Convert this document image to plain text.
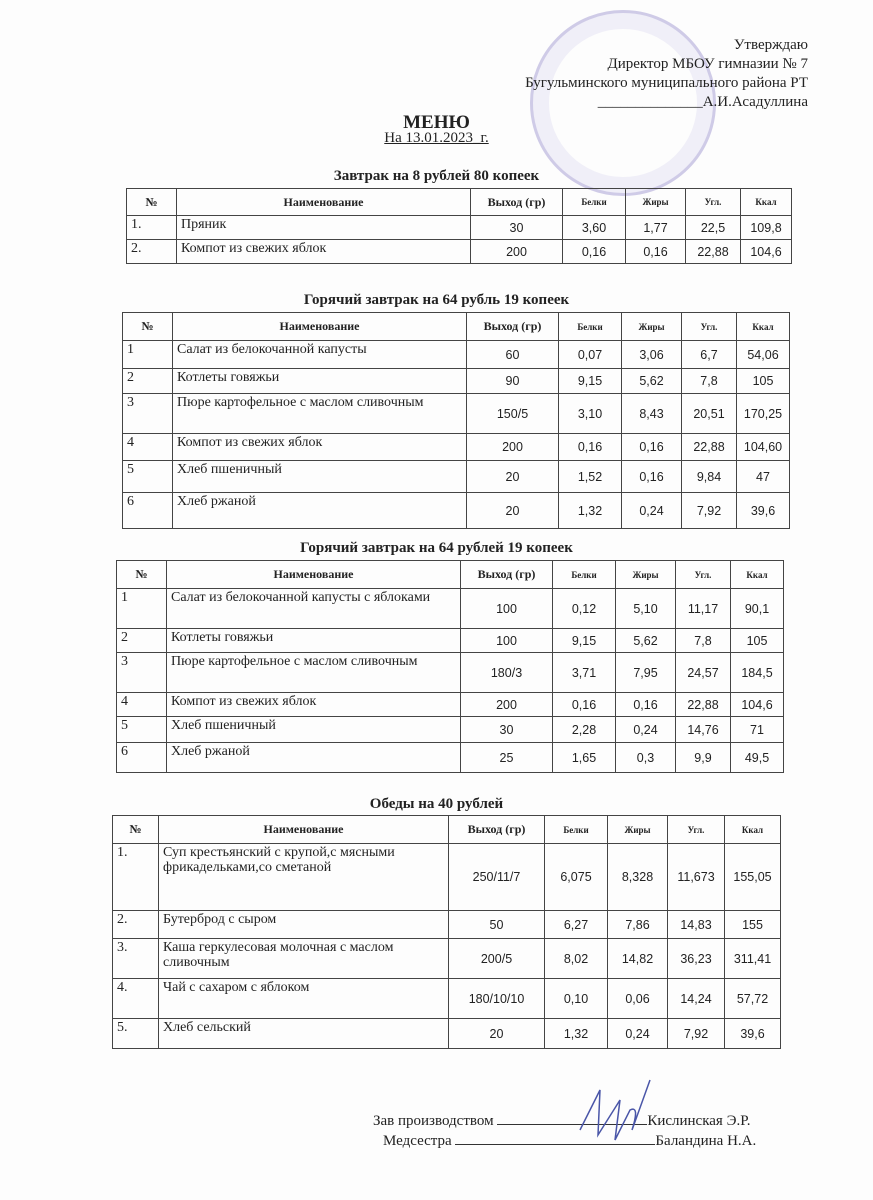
Утверждаю
Директор МБОУ гимназии № 7
Бугульминского муниципального района РТ
______________А.И.Асадуллина
МЕНЮ
На 13.01.2023_г.
Завтрак на 8 рублей 80 копеек
№	Наименование	Выход (гр)	Белки	Жиры	Угл.	Ккал
1.	Пряник	30	3,60	1,77	22,5	109,8
2.	Компот из свежих яблок	200	0,16	0,16	22,88	104,6
Горячий завтрак на 64 рубль 19 копеек
№	Наименование	Выход (гр)	Белки	Жиры	Угл.	Ккал
1	Салат из белокочанной капусты	60	0,07	3,06	6,7	54,06
2	Котлеты говяжьи	90	9,15	5,62	7,8	105
3	Пюре картофельное с маслом сливочным	150/5	3,10	8,43	20,51	170,25
4	Компот из свежих яблок	200	0,16	0,16	22,88	104,60
5	Хлеб пшеничный	20	1,52	0,16	9,84	47
6	Хлеб ржаной	20	1,32	0,24	7,92	39,6
Горячий завтрак на 64 рублей 19 копеек
№	Наименование	Выход (гр)	Белки	Жиры	Угл.	Ккал
1	Салат из белокочанной капусты с яблоками	100	0,12	5,10	11,17	90,1
2	Котлеты говяжьи	100	9,15	5,62	7,8	105
3	Пюре картофельное с маслом сливочным	180/3	3,71	7,95	24,57	184,5
4	Компот из свежих яблок	200	0,16	0,16	22,88	104,6
5	Хлеб пшеничный	30	2,28	0,24	14,76	71
6	Хлеб ржаной	25	1,65	0,3	9,9	49,5
Обеды на 40 рублей
№	Наименование	Выход (гр)	Белки	Жиры	Угл.	Ккал
1.	Суп крестьянский с крупой,с мясными фрикадельками,со сметаной	250/11/7	6,075	8,328	11,673	155,05
2.	Бутерброд с сыром	50	6,27	7,86	14,83	155
3.	Каша геркулесовая молочная с маслом сливочным	200/5	8,02	14,82	36,23	311,41
4.	Чай с сахаром с яблоком	180/10/10	0,10	0,06	14,24	57,72
5.	Хлеб сельский	20	1,32	0,24	7,92	39,6
Зав производством	Кислинская Э.Р.
Медсестра	Баландина Н.А.
